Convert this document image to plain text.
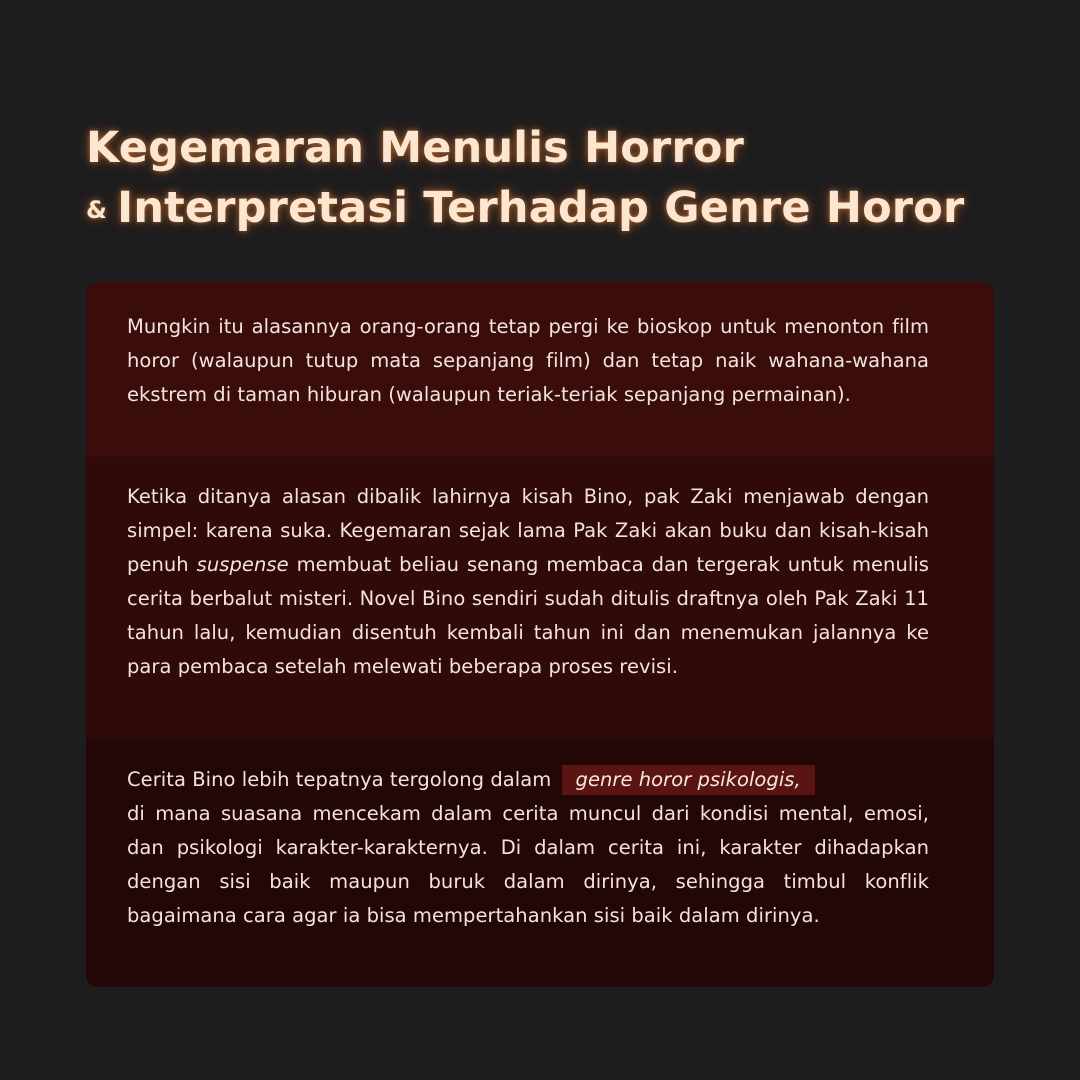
Kegemaran Menulis Horror
& Interpretasi Terhadap Genre Horor

Mungkin itu alasannya orang-orang tetap pergi ke bioskop untuk menonton film horor (walaupun tutup mata sepanjang film) dan tetap naik wahana-wahana ekstrem di taman hiburan (walaupun teriak-teriak sepanjang permainan).

Ketika ditanya alasan dibalik lahirnya kisah Bino, pak Zaki menjawab dengan simpel: karena suka. Kegemaran sejak lama Pak Zaki akan buku dan kisah-kisah penuh suspense membuat beliau senang membaca dan tergerak untuk menulis cerita berbalut misteri. Novel Bino sendiri sudah ditulis draftnya oleh Pak Zaki 11 tahun lalu, kemudian disentuh kembali tahun ini dan menemukan jalannya ke para pembaca setelah melewati beberapa proses revisi.

Cerita Bino lebih tepatnya tergolong dalam genre horor psikologis,
di mana suasana mencekam dalam cerita muncul dari kondisi mental, emosi, dan psikologi karakter-karakternya. Di dalam cerita ini, karakter dihadapkan dengan sisi baik maupun buruk dalam dirinya, sehingga timbul konflik bagaimana cara agar ia bisa mempertahankan sisi baik dalam dirinya.
